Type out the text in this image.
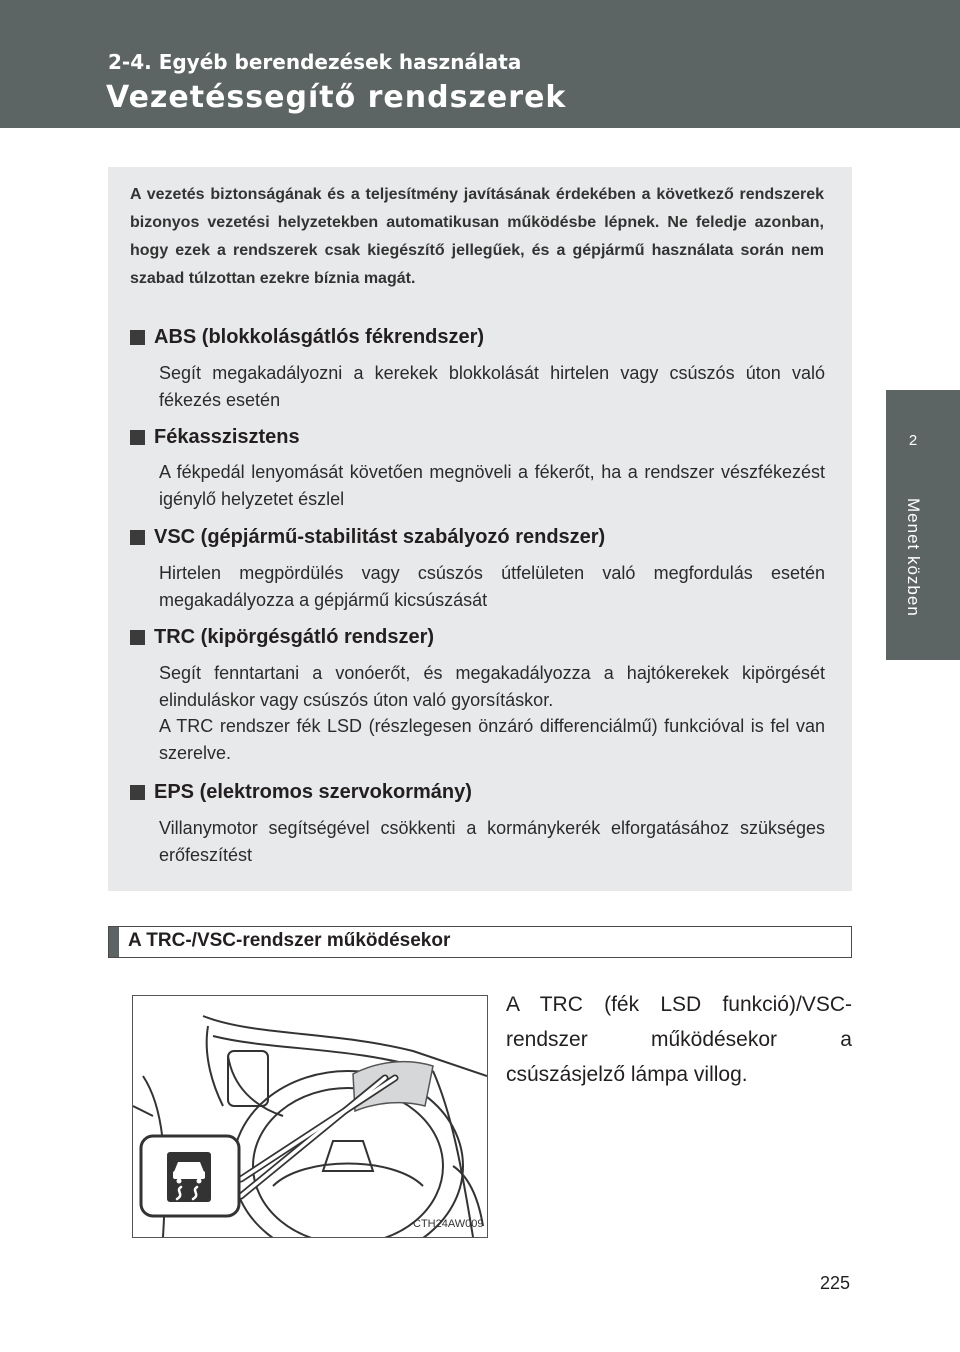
2-4. Egyéb berendezések használata
Vezetéssegítő rendszerek
2
Menet közben
A vezetés biztonságának és a teljesítmény javításának érdekében a következő rendszerek bizonyos vezetési helyzetekben automatikusan működésbe lépnek. Ne feledje azonban, hogy ezek a rendszerek csak kiegészítő jellegűek, és a gépjármű használata során nem szabad túlzottan ezekre bíznia magát.
ABS (blokkolásgátlós fékrendszer)
Segít megakadályozni a kerekek blokkolását hirtelen vagy csúszós úton való fékezés esetén
Fékasszisztens
A fékpedál lenyomását követően megnöveli a fékerőt, ha a rendszer vészfékezést igénylő helyzetet észlel
VSC (gépjármű-stabilitást szabályozó rendszer)
Hirtelen megpördülés vagy csúszós útfelületen való megfordulás esetén megakadályozza a gépjármű kicsúszását
TRC (kipörgésgátló rendszer)
Segít fenntartani a vonóerőt, és megakadályozza a hajtókerekek kipörgését elinduláskor vagy csúszós úton való gyorsításkor.
A TRC rendszer fék LSD (részlegesen önzáró differenciálmű) funkcióval is fel van szerelve.
EPS (elektromos szervokormány)
Villanymotor segítségével csökkenti a kormánykerék elforgatásához szükséges erőfeszítést
A TRC-/VSC-rendszer működésekor
CTH24AW009
A TRC (fék LSD funkció)/VSC-rendszer működésekor a csúszásjelző lámpa villog.
225
